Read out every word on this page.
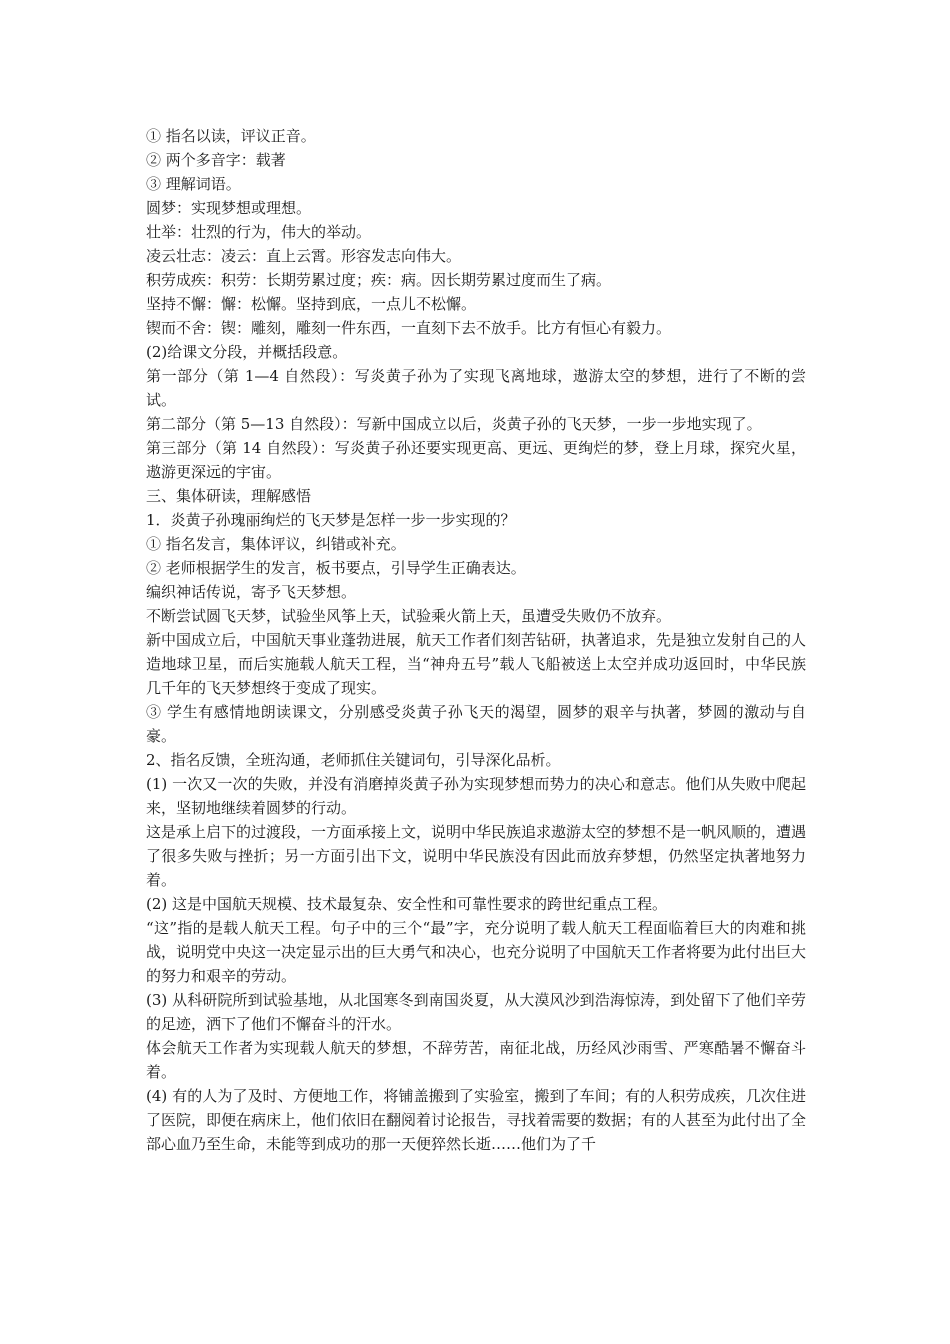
① 指名以读，评议正音。

② 两个多音字：载著

③ 理解词语。

圆梦：实现梦想或理想。

壮举：壮烈的行为，伟大的举动。

凌云壮志：凌云：直上云霄。形容发志向伟大。

积劳成疾：积劳：长期劳累过度；疾：病。因长期劳累过度而生了病。

坚持不懈：懈：松懈。坚持到底，一点儿不松懈。

锲而不舍：锲：雕刻，雕刻一件东西，一直刻下去不放手。比方有恒心有毅力。

(2)给课文分段，并概括段意。

第一部分（第 1—4 自然段）：写炎黄子孙为了实现飞离地球，遨游太空的梦想，进行了不断的尝试。

第二部分（第 5—13 自然段）：写新中国成立以后，炎黄子孙的飞天梦，一步一步地实现了。

第三部分（第 14 自然段）：写炎黄子孙还要实现更高、更远、更绚烂的梦，登上月球，探究火星，遨游更深远的宇宙。

三、集体研读，理解感悟

1．炎黄子孙瑰丽绚烂的飞天梦是怎样一步一步实现的？

① 指名发言，集体评议，纠错或补充。

② 老师根据学生的发言，板书要点，引导学生正确表达。

编织神话传说，寄予飞天梦想。

不断尝试圆飞天梦，试验坐风筝上天，试验乘火箭上天，虽遭受失败仍不放弃。

新中国成立后，中国航天事业蓬勃进展，航天工作者们刻苦钻研，执著追求，先是独立发射自己的人造地球卫星，而后实施载人航天工程，当“神舟五号”载人飞船被送上太空并成功返回时，中华民族几千年的飞天梦想终于变成了现实。

③ 学生有感情地朗读课文，分别感受炎黄子孙飞天的渴望，圆梦的艰辛与执著，梦圆的激动与自豪。

2、指名反馈，全班沟通，老师抓住关键词句，引导深化品析。

(1) 一次又一次的失败，并没有消磨掉炎黄子孙为实现梦想而势力的决心和意志。他们从失败中爬起来，坚韧地继续着圆梦的行动。

这是承上启下的过渡段，一方面承接上文，说明中华民族追求遨游太空的梦想不是一帆风顺的，遭遇了很多失败与挫折；另一方面引出下文，说明中华民族没有因此而放弃梦想，仍然坚定执著地努力着。

(2) 这是中国航天规模、技术最复杂、安全性和可靠性要求的跨世纪重点工程。

“这”指的是载人航天工程。句子中的三个“最”字，充分说明了载人航天工程面临着巨大的肉难和挑战，说明党中央这一决定显示出的巨大勇气和决心，也充分说明了中国航天工作者将要为此付出巨大的努力和艰辛的劳动。

(3) 从科研院所到试验基地，从北国寒冬到南国炎夏，从大漠风沙到浩海惊涛，到处留下了他们辛劳的足迹，洒下了他们不懈奋斗的汗水。

体会航天工作者为实现载人航天的梦想，不辞劳苦，南征北战，历经风沙雨雪、严寒酷暑不懈奋斗着。

(4) 有的人为了及时、方便地工作，将铺盖搬到了实验室，搬到了车间；有的人积劳成疾，几次住进了医院，即便在病床上，他们依旧在翻阅着讨论报告，寻找着需要的数据；有的人甚至为此付出了全部心血乃至生命，未能等到成功的那一天便猝然长逝……他们为了千
